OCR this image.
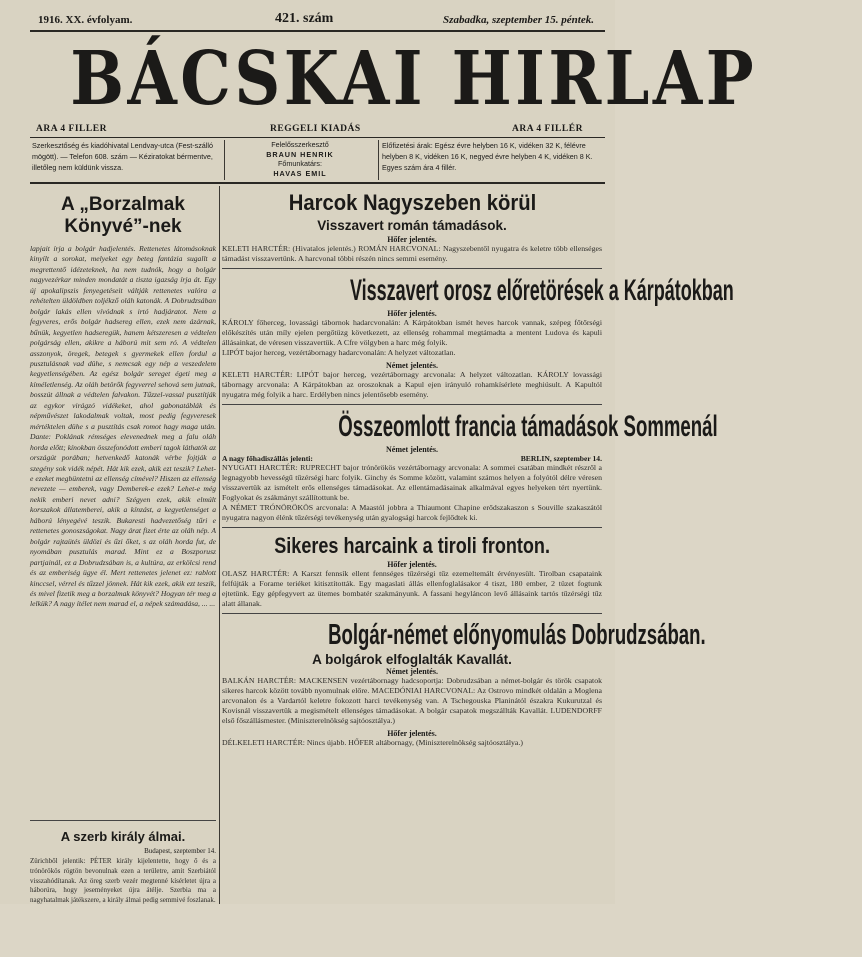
1916. XX. évfolyam.	421. szám	Szabadka, szeptember 15. péntek.
BÁCSKAI HIRLAP
ARA 4 FILLER	REGGELI KIADÁS	ARA 4 FILLÉR
Szerkesztőség és kiadóhivatal Lendvay-utca (Fest-szálló mögött). — Telefon 608. szám — Kéziratokat bérmentve, illetőleg nem küldünk vissza.
Felelősszerkesztő
BRAUN HENRIK
Főmunkatárs:
HAVAS EMIL
Előfizetési árak: Egész évre helyben 16 K, vidéken 32 K, félévre helyben 8 K, vidéken 16 K, negyed évre helyben 4 K, vidéken 8 K. Egyes szám ára 4 fillér.
A „Borzalmak Könyvé”-nek
lapjait írja a bolgár hadjelentés. Rettenetes látomásoknak kinyílt a sorokat, melyeket egy beteg fantázia sugallt a megrettentő idézeteknek, ha nem tudnók, hogy a bolgár nagyvezérkar minden mondatát a tiszta igazság írja át. Egy új apokalipszis fenyegetéseit váltják rettenetes valóra a rehételten üldöldben toljékző oláh katonák. A Dobrudzsában bolgár lakás ellen vívódnak s irtó hadjáratot. Nem a fegyveres, erős bolgár hadsereg ellen, ezek nem ázárnak, bűnük, kegyetlen hadseregük, hanem kétszeresen a védtelen polgárság ellen, akikre a háború mit sem ró. A védtelen asszonyok, öregek, betegek s gyermekek ellen fordul a pusztulásnak vad dühe, s nemcsak egy nép a veszedelem kegyetlenségében. Az egész bolgár sereget égeti meg a kíméletlenség. Az oláh betörők fegyverrel sehová sem jutnak, bosszút állnak a védtelen falvakon. Tűzzel-vassal pusztítják az egykor virágzó vidékeket, ahol gabonatáblák és népművészet lakodalmak voltak, most pedig fegyveresek mértéktelen dühe s a pusztítás csak romot hagy maga után. Dante: Poklának rémséges elevenednek meg a falu oláh horda előtt; kínokban összefonódott emberi tagok láthatók az országút porában; hetvenkedő katonák vérbe fojtják a szegény sok vidék népét. Hát kik ezek, akik ezt teszik? Lehet-e ezeket megbüntetni az ellenség címével? Hiszen az ellenség nevezete — emberek, vagy Demberek-e ezek? Lehet-e még nekik emberi nevet adni? Szégyen ezek, akik elmúlt korszakok állatemberei, akik a kínzást, a kegyetlenséget a háború lényegévé teszik. Bukaresti hadvezetőség tűri e rettenetes gonoszságokat. Nagy árat fizet érte az oláh nép. A bolgár rajtaütés üldözi és űzi őket, s az oláh horda fut, de nyomában pusztulás marad. Mint ez a Boszporusz partjainál, ez a Dobrudzsában is, a kultúra, az erkölcsi rend és az emberiség ügye él. Mert rettenetes jelenet ez: rablott kinccsel, vérrel és tűzzel jönnek. Hát kik ezek, akik ezt teszik, és mivel fizetik meg a borzalmak könyvét? Hogyan tér meg a lelkük? A nagy ítélet nem marad el, a népek számadása, ... ...
A szerb király álmai.
Budapest, szeptember 14.
Zürichből jelentik: PÉTER király kijelentette, hogy ő és a trónörökös rögtön bevonulnak ezen a területre, amit Szerbiától visszahódítanak. Az öreg szerb vezér megtenné kísérletet újra a háborúra, hogy jeseményeket újra átélje. Szerbia ma a nagyhatalmak játékszere, a király álmai pedig semmivé foszlanak.
Harcok Nagyszeben körül
Visszavert román támadások.
Hőfer jelentés.
KELETI HARCTÉR: (Hivatalos jelentés.) ROMÁN HARCVONAL: Nagyszebentől nyugatra és keletre több ellenséges támadást visszavertünk. A harcvonal többi részén nincs semmi esemény.
Visszavert orosz előretörések a Kárpátokban
Hőfer jelentés.
KÁROLY főherceg, lovassági tábornok hadarcvonalán: A Kárpátokban ismét heves harcok vannak, szépeg főtőrségi előkészítés után míly ejelen pergőtüzg következett, az ellenség rohammal megtámadta a mentent Ludova és kapuli állásainkat, de véresen visszavertük. A Cfre völgyben a harc még folyik.
LIPÓT bajor herceg, vezértábornagy hadarcvonalán: A helyzet változatlan.
Német jelentés.
KELETI HARCTÉR: LIPÓT bajor herceg, vezértábornagy arcvonala: A helyzet változatlan. KÁROLY lovassági tábornagy arcvonala: A Kárpátokban az oroszoknak a Kapul ejen irányuló rohamkísérlete meghiúsult. A Kapultól nyugatra még folyik a harc. Erdélyben nincs jelentősebb esemény.
Összeomlott francia támadások Sommenál
Német jelentés.
A nagy főhadiszállás jelenti:	BERLIN, szeptember 14.
NYUGATI HARCTÉR: RUPRECHT bajor trónörökös vezértábornagy arcvonala: A sommei csatában mindkét részről a legnagyobb hevességű tűzérségi harc folyik. Ginchy és Somme között, valamint számos helyen a folyótól délre véresen visszavertük az ismételt erős ellenséges támadásokat. Az ellentámadásainak alkalmával egyes helyeken tért nyertünk. Foglyokat és zsákmányt szállítottunk be.
A NÉMET TRÓNÖRÖKÖS arcvonala: A Maastól jobbra a Thiaumont Chapine erődszakaszon s Souville szakaszától nyugatra nagyon élénk tűzérségi tevékenység után gyalogsági harcok fejlődtek ki.
Sikeres harcaink a tiroli fronton.
Hőfer jelentés.
OLASZ HARCTÉR: A Karszt fennsík ellent fennséges tűzérségi tűz ezemeltemált érvényesült. Tirolban csapataink felfújták a Forame teriéket kitisztították. Egy magaslati állás ellenfoglalásakor 4 tiszt, 180 ember, 2 tüzet fogtunk ejtetünk. Egy gépfegyvert az ütemes bombatér szakmányunk. A fassani hegyláncon levő állásaink tartós tűzérségi tűz alatt állanak.
Bolgár-német előnyomulás Dobrudzsában.
A bolgárok elfoglalták Kavallát.
Német jelentés.
BALKÁN HARCTÉR: MACKENSEN vezértábornagy hadcsoportja: Dobrudzsában a német-bolgár és török csapatok sikeres harcok között tovább nyomulnak előre. MACEDÓNIAI HARCVONAL: Az Ostrovo mindkét oldalán a Moglena arcvonalon és a Vardartól keletre fokozott harci tevékenység van. A Tschegouska Planinától északra Kukurutzal és Kovisnál visszavertük a megismételt ellenséges támadásokat. A bolgár csapatok megszállták Kavallát. LUDENDORFF első főszállásmester. (Miniszterelnökség sajtóosztálya.)
Hőfer jelentés.
DÉLKELETI HARCTÉR: Nincs újabb. HŐFER altábornagy, (Miniszterelnökség sajtóosztálya.)
